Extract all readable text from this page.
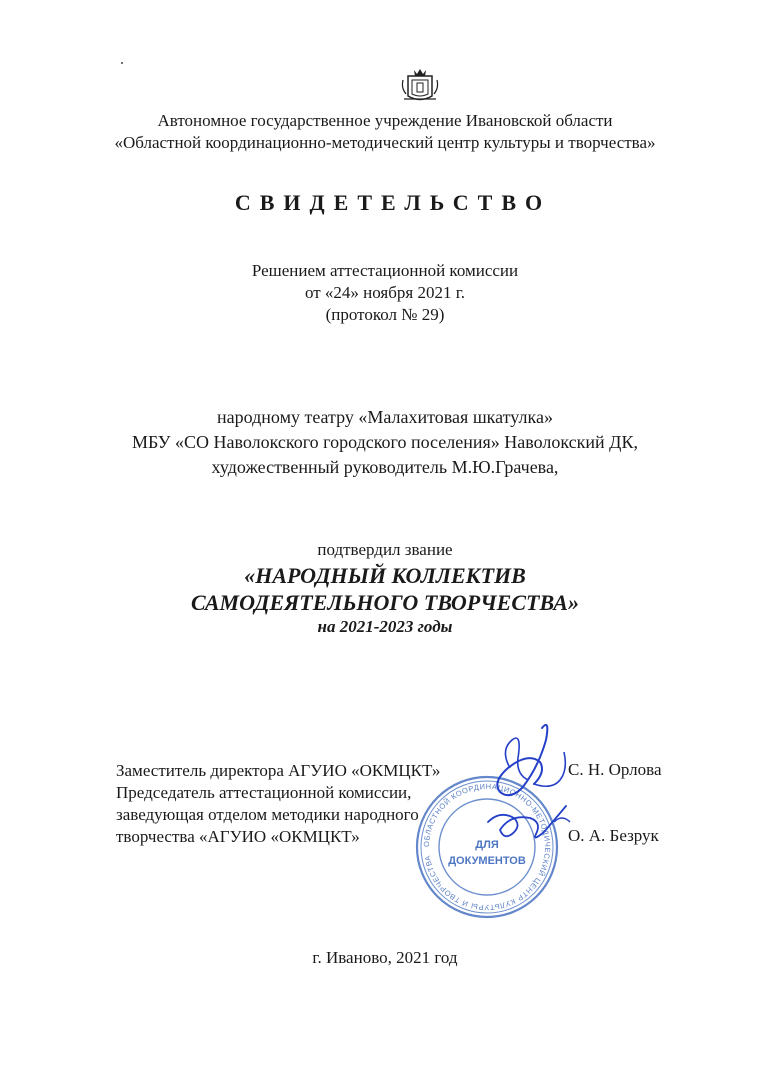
Автономное государственное учреждение Ивановской области
«Областной координационно-методический центр культуры и творчества»
СВИДЕТЕЛЬСТВО
Решением аттестационной комиссии
от «24» ноября 2021 г.
(протокол № 29)
народному театру «Малахитовая шкатулка»
МБУ «СО Наволокского городского поселения» Наволокский ДК,
художественный руководитель М.Ю.Грачева,
подтвердил звание
«НАРОДНЫЙ КОЛЛЕКТИВ
САМОДЕЯТЕЛЬНОГО ТВОРЧЕСТВА»
на 2021-2023 годы
Заместитель директора АГУИО «ОКМЦКТ»
Председатель аттестационной комиссии,
заведующая отделом методики народного
творчества «АГУИО «ОКМЦКТ»
С. Н. Орлова
О. А. Безрук
ОБЛАСТНОЙ КООРДИНАЦИОННО-МЕТОДИЧЕСКИЙ ЦЕНТР КУЛЬТУРЫ И ТВОРЧЕСТВА
ДЛЯ
ДОКУМЕНТОВ
г. Иваново, 2021 год
